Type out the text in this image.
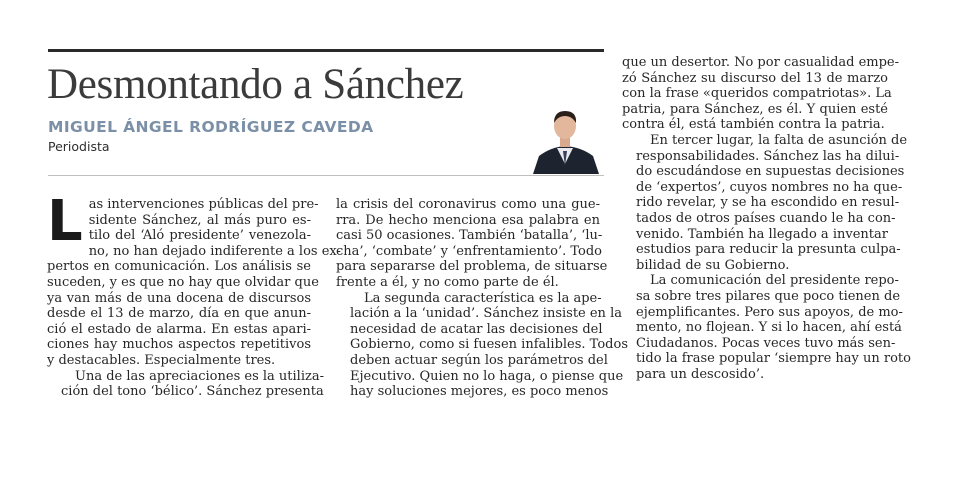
Desmontando a Sánchez
MIGUEL ÁNGEL RODRÍGUEZ CAVEDA
Periodista

L as intervenciones públicas del pre-
sidente Sánchez, al más puro es-
tilo del ‘Aló presidente’ venezola-
no, no han dejado indiferente a los ex-
pertos en comunicación. Los análisis se
suceden, y es que no hay que olvidar que
ya van más de una docena de discursos
desde el 13 de marzo, día en que anun-
ció el estado de alarma. En estas apari-
ciones hay muchos aspectos repetitivos
y destacables. Especialmente tres.

Una de las apreciaciones es la utiliza-
ción del tono ‘bélico’. Sánchez presenta

la crisis del coronavirus como una gue-
rra. De hecho menciona esa palabra en
casi 50 ocasiones. También ‘batalla’, ‘lu-
cha’, ‘combate’ y ‘enfrentamiento’. Todo
para separarse del problema, de situarse
frente a él, y no como parte de él.

La segunda característica es la ape-
lación a la ‘unidad’. Sánchez insiste en la
necesidad de acatar las decisiones del
Gobierno, como si fuesen infalibles. Todos
deben actuar según los parámetros del
Ejecutivo. Quien no lo haga, o piense que
hay soluciones mejores, es poco menos

que un desertor. No por casualidad empe-
zó Sánchez su discurso del 13 de marzo
con la frase «queridos compatriotas». La
patria, para Sánchez, es él. Y quien esté
contra él, está también contra la patria.

En tercer lugar, la falta de asunción de
responsabilidades. Sánchez las ha dilui-
do escudándose en supuestas decisiones
de ‘expertos’, cuyos nombres no ha que-
rido revelar, y se ha escondido en resul-
tados de otros países cuando le ha con-
venido. También ha llegado a inventar
estudios para reducir la presunta culpa-
bilidad de su Gobierno.

La comunicación del presidente repo-
sa sobre tres pilares que poco tienen de
ejemplificantes. Pero sus apoyos, de mo-
mento, no flojean. Y si lo hacen, ahí está
Ciudadanos. Pocas veces tuvo más sen-
tido la frase popular ‘siempre hay un roto
para un descosido’.
